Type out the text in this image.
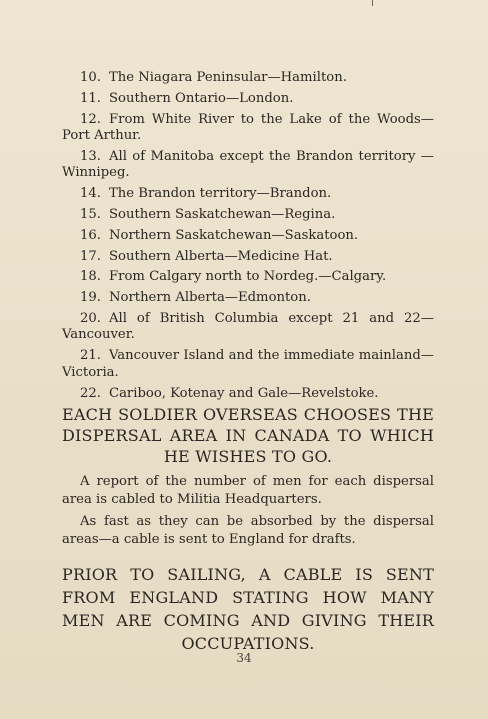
10. The Niagara Peninsular—Hamilton.

11. Southern Ontario—London.

12. From White River to the Lake of the Woods—Port Arthur.

13. All of Manitoba except the Brandon territory —Winnipeg.

14. The Brandon territory—Brandon.

15. Southern Saskatchewan—Regina.

16. Northern Saskatchewan—Saskatoon.

17. Southern Alberta—Medicine Hat.

18. From Calgary north to Nordeg.—Calgary.

19. Northern Alberta—Edmonton.

20. All of British Columbia except 21 and 22—Vancouver.

21. Vancouver Island and the immediate mainland—Victoria.

22. Cariboo, Kotenay and Gale—Revelstoke.

EACH SOLDIER OVERSEAS CHOOSES THE DISPERSAL AREA IN CANADA TO WHICH HE WISHES TO GO.

A report of the number of men for each dispersal area is cabled to Militia Headquarters.

As fast as they can be absorbed by the dispersal areas—a cable is sent to England for drafts.

PRIOR TO SAILING, A CABLE IS SENT FROM ENGLAND STATING HOW MANY MEN ARE COMING AND GIVING THEIR OCCUPATIONS.
34
